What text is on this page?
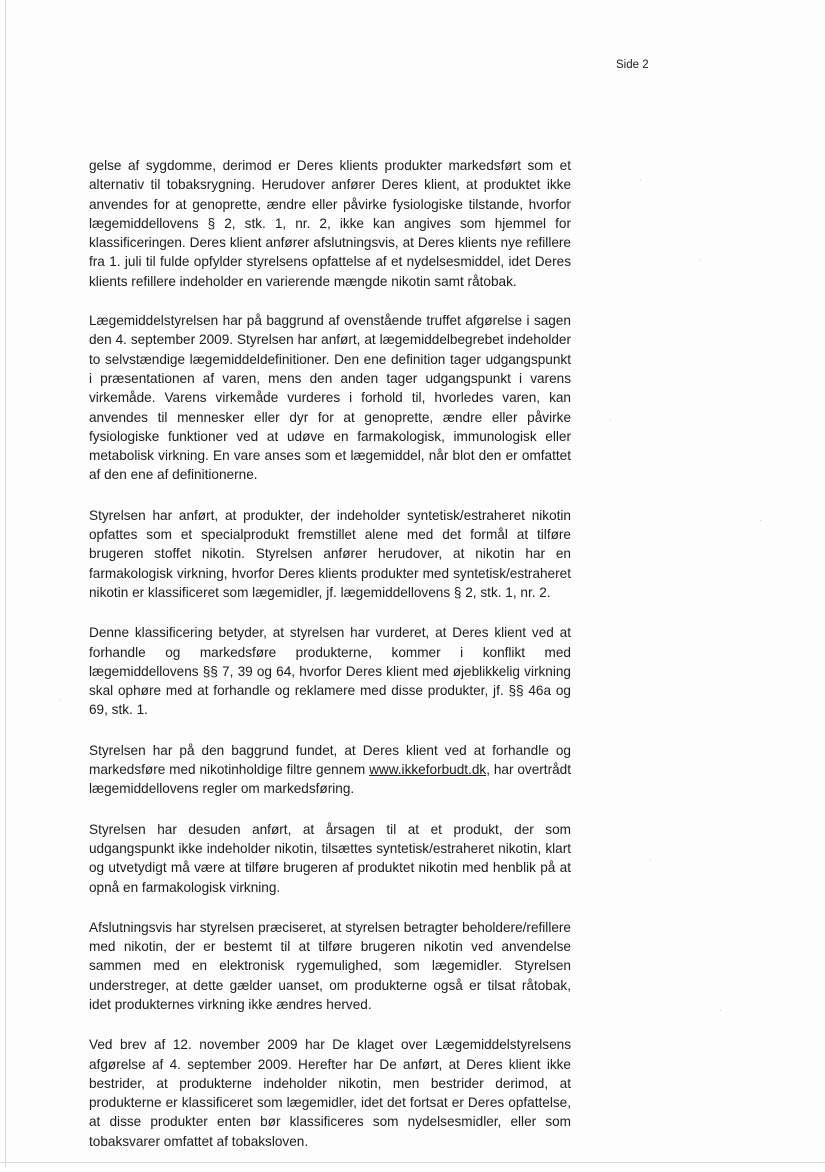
Side 2

gelse af sygdomme, derimod er Deres klients produkter markedsført som et alternativ til tobaksrygning. Herudover anfører Deres klient, at produktet ikke anvendes for at genoprette, ændre eller påvirke fysiologiske tilstande, hvorfor lægemiddellovens § 2, stk. 1, nr. 2, ikke kan angives som hjemmel for klassificeringen. Deres klient anfører afslutningsvis, at Deres klients nye refillere fra 1. juli til fulde opfylder styrelsens opfattelse af et nydelsesmiddel, idet Deres klients refillere indeholder en varierende mængde nikotin samt råtobak.

Lægemiddelstyrelsen har på baggrund af ovenstående truffet afgørelse i sagen den 4. september 2009. Styrelsen har anført, at lægemiddelbegrebet indeholder to selvstændige lægemiddeldefinitioner. Den ene definition tager udgangspunkt i præsentationen af varen, mens den anden tager udgangspunkt i varens virkemåde. Varens virkemåde vurderes i forhold til, hvorledes varen, kan anvendes til mennesker eller dyr for at genoprette, ændre eller påvirke fysiologiske funktioner ved at udøve en farmakologisk, immunologisk eller metabolisk virkning. En vare anses som et lægemiddel, når blot den er omfattet af den ene af definitionerne.

Styrelsen har anført, at produkter, der indeholder syntetisk/estraheret nikotin opfattes som et specialprodukt fremstillet alene med det formål at tilføre brugeren stoffet nikotin. Styrelsen anfører herudover, at nikotin har en farmakologisk virkning, hvorfor Deres klients produkter med syntetisk/estraheret nikotin er klassificeret som lægemidler, jf. lægemiddellovens § 2, stk. 1, nr. 2.

Denne klassificering betyder, at styrelsen har vurderet, at Deres klient ved at forhandle og markedsføre produkterne, kommer i konflikt med lægemiddellovens §§ 7, 39 og 64, hvorfor Deres klient med øjeblikkelig virkning skal ophøre med at forhandle og reklamere med disse produkter, jf. §§ 46a og 69, stk. 1.

Styrelsen har på den baggrund fundet, at Deres klient ved at forhandle og markedsføre med nikotinholdige filtre gennem www.ikkeforbudt.dk, har overtrådt lægemiddellovens regler om markedsføring.

Styrelsen har desuden anført, at årsagen til at et produkt, der som udgangspunkt ikke indeholder nikotin, tilsættes syntetisk/estraheret nikotin, klart og utvetydigt må være at tilføre brugeren af produktet nikotin med henblik på at opnå en farmakologisk virkning.

Afslutningsvis har styrelsen præciseret, at styrelsen betragter beholdere/refillere med nikotin, der er bestemt til at tilføre brugeren nikotin ved anvendelse sammen med en elektronisk rygemulighed, som lægemidler. Styrelsen understreger, at dette gælder uanset, om produkterne også er tilsat råtobak, idet produkternes virkning ikke ændres herved.

Ved brev af 12. november 2009 har De klaget over Lægemiddelstyrelsens afgørelse af 4. september 2009. Herefter har De anført, at Deres klient ikke bestrider, at produkterne indeholder nikotin, men bestrider derimod, at produkterne er klassificeret som lægemidler, idet det fortsat er Deres opfattelse, at disse produkter enten bør klassificeres som nydelsesmidler, eller som tobaksvarer omfattet af tobaksloven.
